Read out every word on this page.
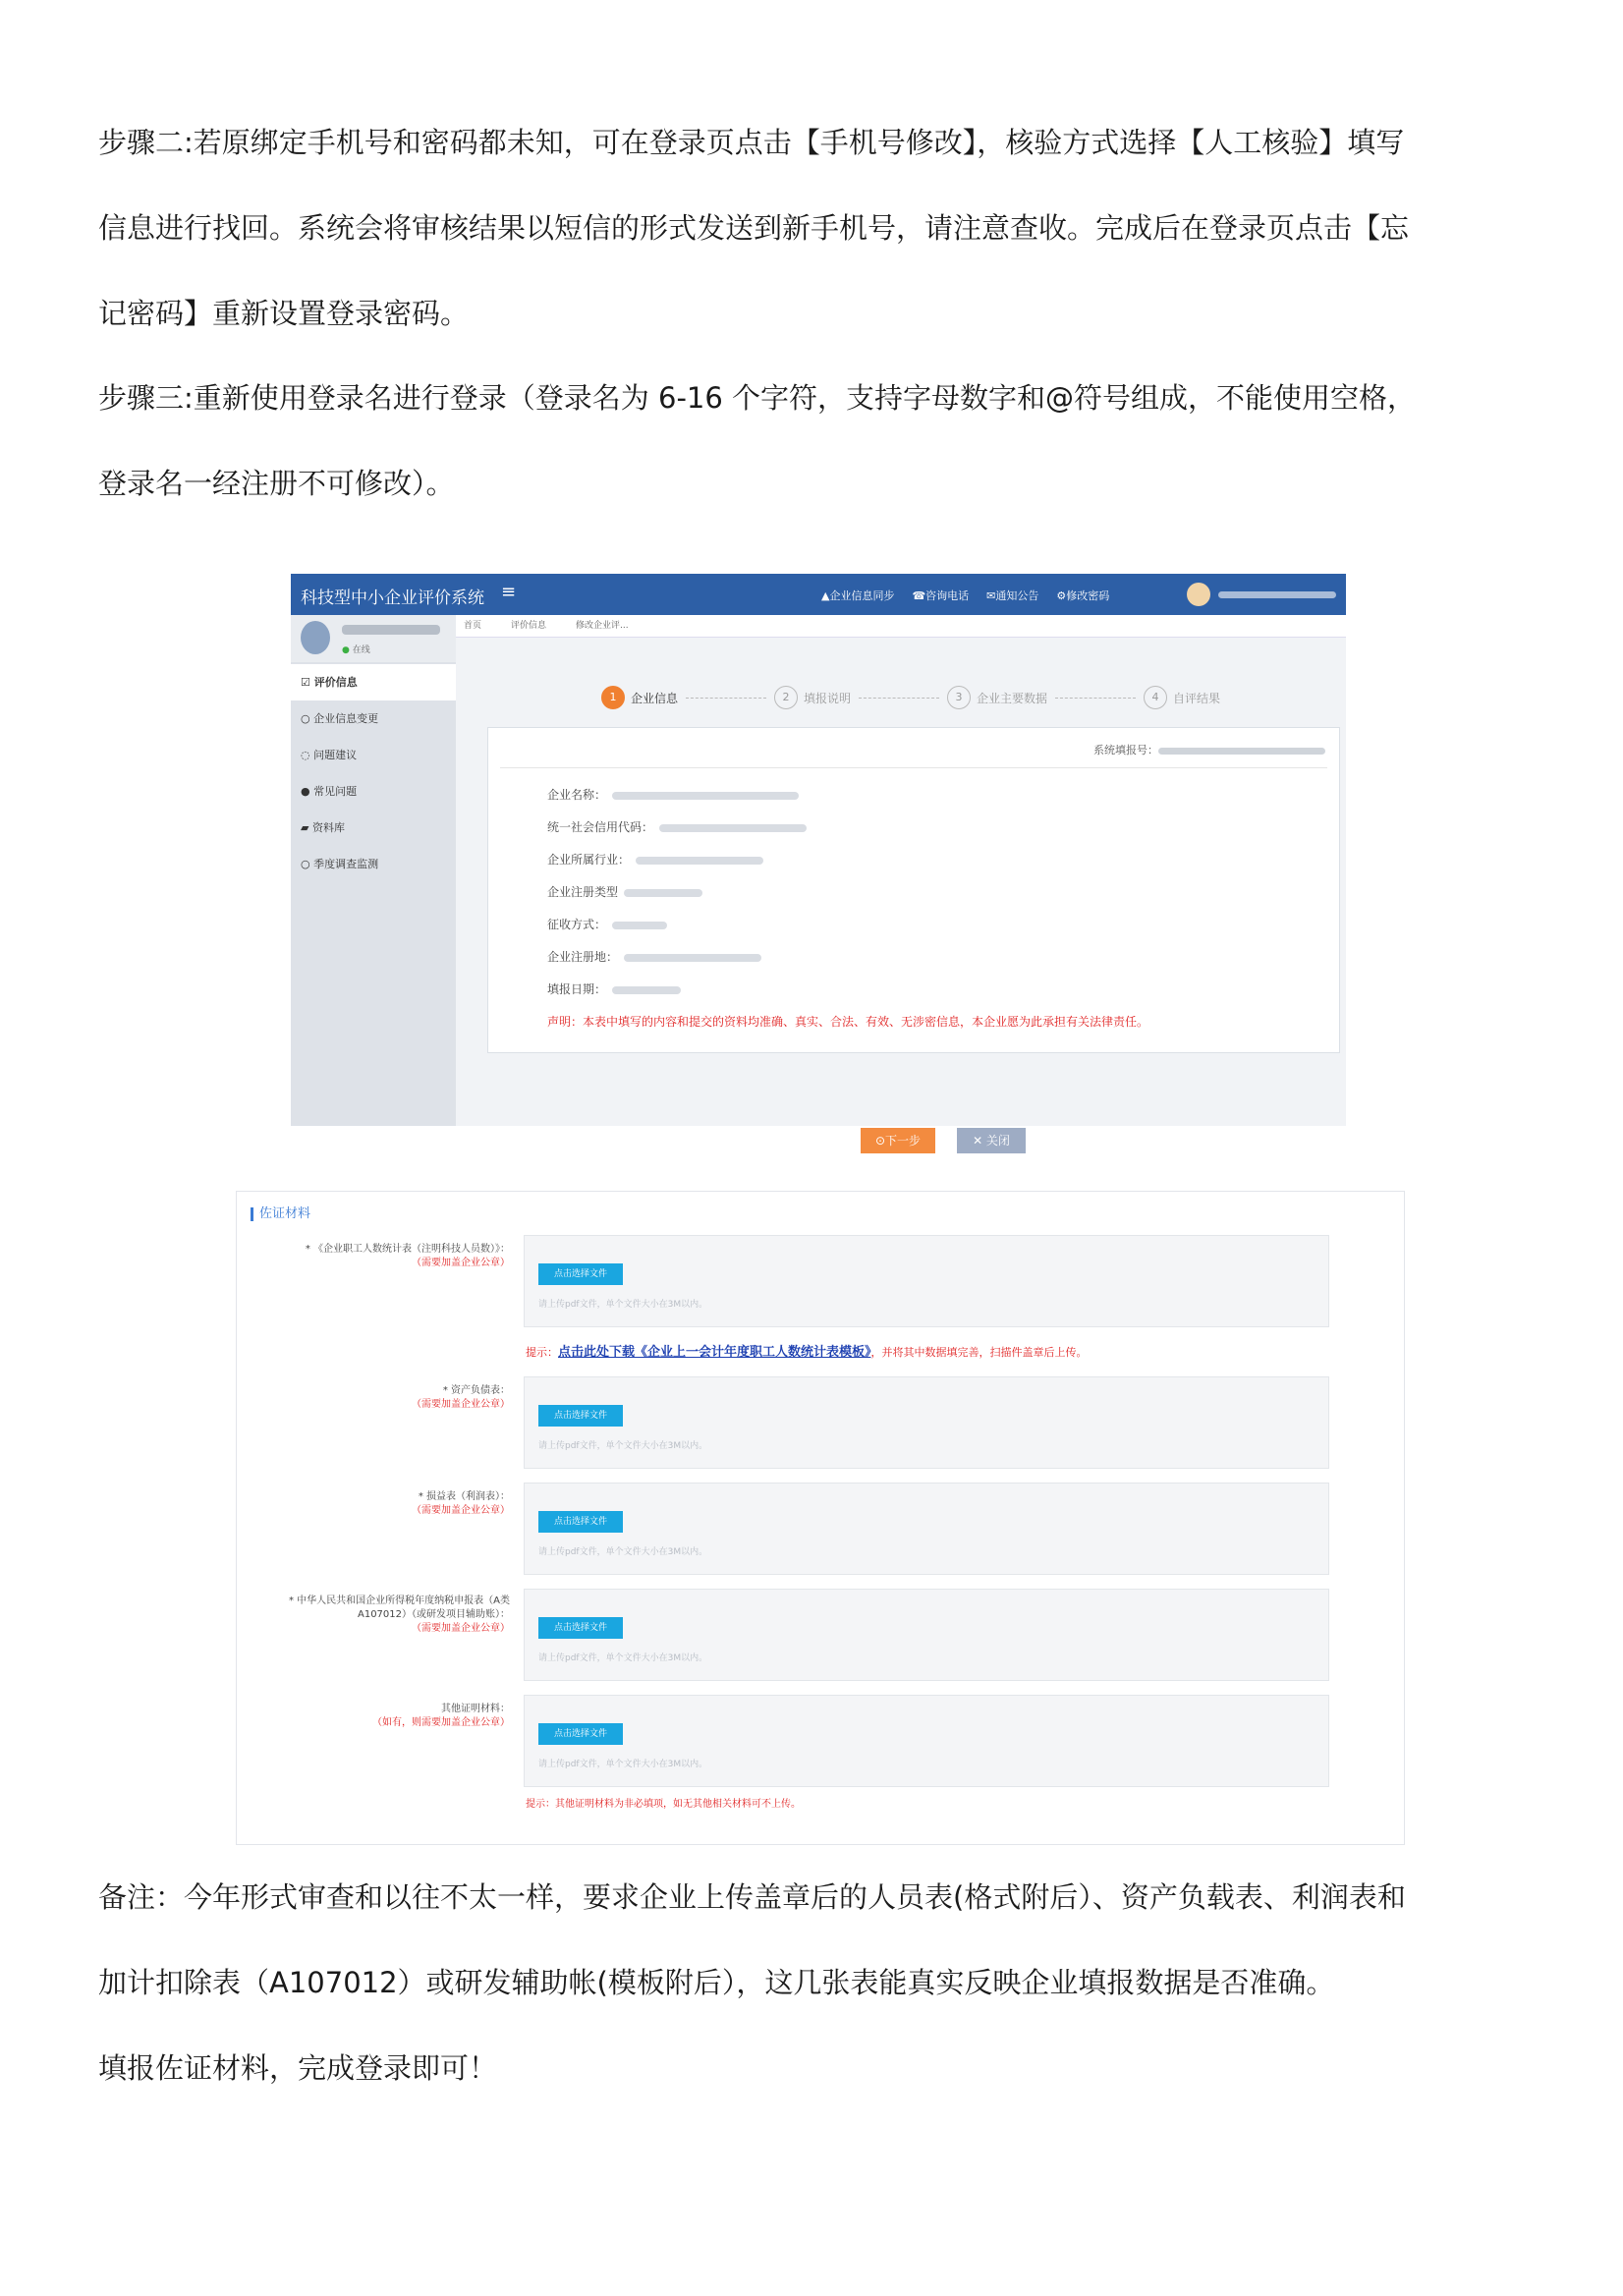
步骤二:若原绑定手机号和密码都未知，可在登录页点击【手机号修改】，核验方式选择【人工核验】填写
信息进行找回。系统会将审核结果以短信的形式发送到新手机号，请注意查收。完成后在登录页点击【忘
记密码】重新设置登录密码。
步骤三:重新使用登录名进行登录（登录名为 6-16 个字符，支持字母数字和@符号组成，不能使用空格，
登录名一经注册不可修改）。
科技型中小企业评价系统 ≡	▲企业信息同步 ☎咨询电话 ✉通知公告 ⚙修改密码
● 在线
☑ 评价信息
○ 企业信息变更
◌ 问题建议
● 常见问题
▰ 资料库
○ 季度调查监测
首页	评价信息	修改企业评...
1	企业信息	2	填报说明	3	企业主要数据	4	自评结果
系统填报号：
企业名称：
统一社会信用代码：
企业所属行业：
企业注册类型
征收方式：
企业注册地：
填报日期：
声明：本表中填写的内容和提交的资料均准确、真实、合法、有效、无涉密信息，本企业愿为此承担有关法律责任。
⊙下一步	✕ 关闭
佐证材料
* 《企业职工人数统计表（注明科技人员数）》：
（需要加盖企业公章）
点击选择文件
请上传pdf文件，单个文件大小在3M以内。
提示：点击此处下载《企业上一会计年度职工人数统计表模板》，并将其中数据填完善，扫描件盖章后上传。
* 资产负债表：
（需要加盖企业公章）
点击选择文件
请上传pdf文件，单个文件大小在3M以内。
* 损益表（利润表）：
（需要加盖企业公章）
点击选择文件
请上传pdf文件，单个文件大小在3M以内。
* 中华人民共和国企业所得税年度纳税申报表（A类
A107012）（或研发项目辅助账）：
（需要加盖企业公章）	点击选择文件
请上传pdf文件，单个文件大小在3M以内。
其他证明材料：
（如有，则需要加盖企业公章）
点击选择文件
请上传pdf文件，单个文件大小在3M以内。
提示：其他证明材料为非必填项，如无其他相关材料可不上传。
备注：今年形式审查和以往不太一样，要求企业上传盖章后的人员表(格式附后）、资产负载表、利润表和
加计扣除表（A107012）或研发辅助帐(模板附后），这几张表能真实反映企业填报数据是否准确。
填报佐证材料，完成登录即可！
